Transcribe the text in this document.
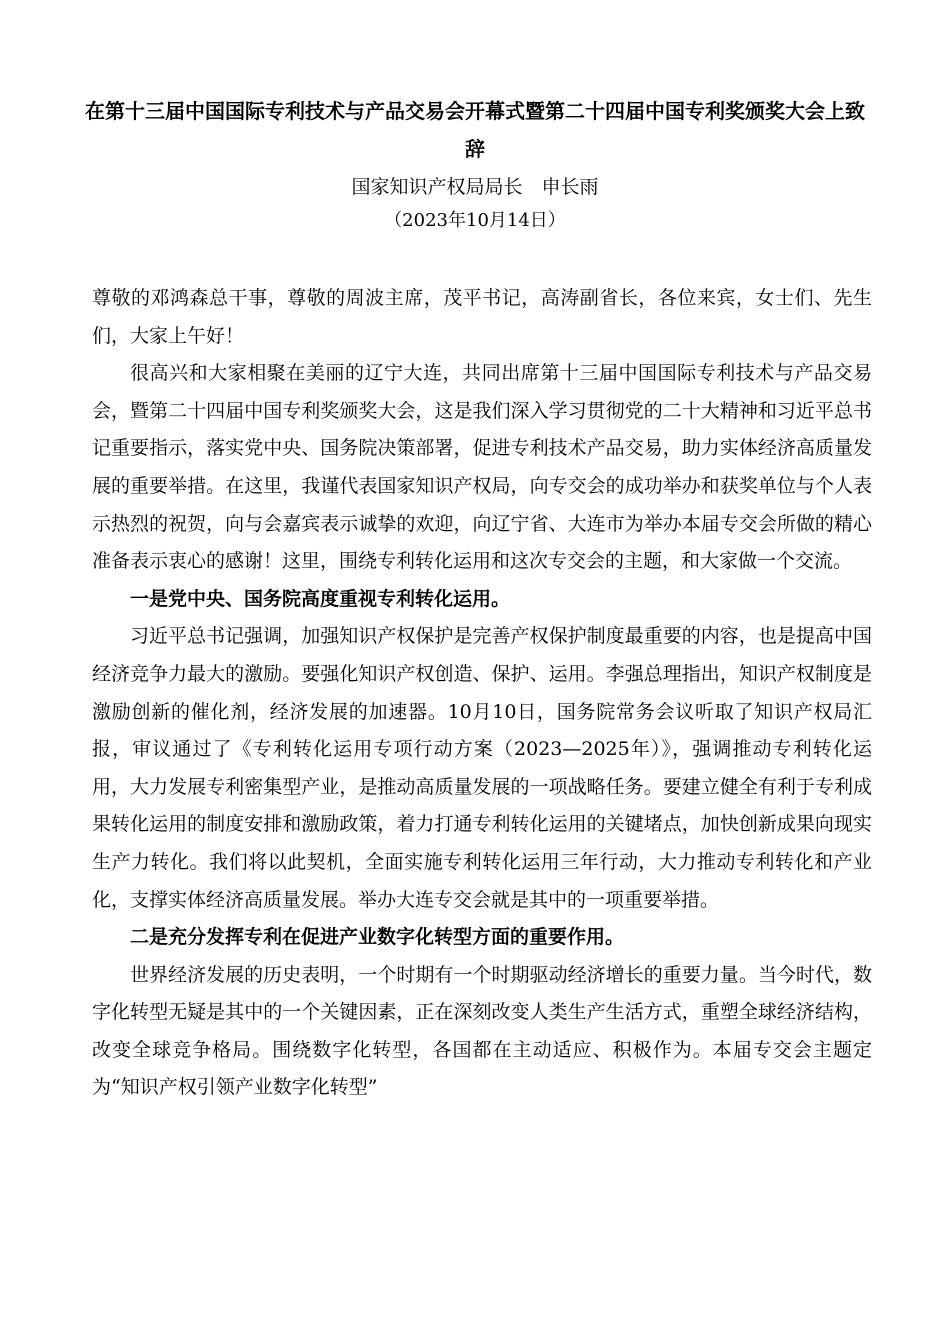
在第十三届中国国际专利技术与产品交易会开幕式暨第二十四届中国专利奖颁奖大会上致辞
国家知识产权局局长　申长雨
（2023年10月14日）

尊敬的邓鸿森总干事，尊敬的周波主席，茂平书记，高涛副省长，各位来宾，女士们、先生们，大家上午好！

很高兴和大家相聚在美丽的辽宁大连，共同出席第十三届中国国际专利技术与产品交易会，暨第二十四届中国专利奖颁奖大会，这是我们深入学习贯彻党的二十大精神和习近平总书记重要指示，落实党中央、国务院决策部署，促进专利技术产品交易，助力实体经济高质量发展的重要举措。在这里，我谨代表国家知识产权局，向专交会的成功举办和获奖单位与个人表示热烈的祝贺，向与会嘉宾表示诚挚的欢迎，向辽宁省、大连市为举办本届专交会所做的精心准备表示衷心的感谢！这里，围绕专利转化运用和这次专交会的主题，和大家做一个交流。

一是党中央、国务院高度重视专利转化运用。

习近平总书记强调，加强知识产权保护是完善产权保护制度最重要的内容，也是提高中国经济竞争力最大的激励。要强化知识产权创造、保护、运用。李强总理指出，知识产权制度是激励创新的催化剂，经济发展的加速器。10月10日，国务院常务会议听取了知识产权局汇报，审议通过了《专利转化运用专项行动方案（2023—2025年）》，强调推动专利转化运用，大力发展专利密集型产业，是推动高质量发展的一项战略任务。要建立健全有利于专利成果转化运用的制度安排和激励政策，着力打通专利转化运用的关键堵点，加快创新成果向现实生产力转化。我们将以此契机，全面实施专利转化运用三年行动，大力推动专利转化和产业化，支撑实体经济高质量发展。举办大连专交会就是其中的一项重要举措。

二是充分发挥专利在促进产业数字化转型方面的重要作用。

世界经济发展的历史表明，一个时期有一个时期驱动经济增长的重要力量。当今时代，数字化转型无疑是其中的一个关键因素，正在深刻改变人类生产生活方式，重塑全球经济结构，改变全球竞争格局。围绕数字化转型，各国都在主动适应、积极作为。本届专交会主题定为“知识产权引领产业数字化转型”
